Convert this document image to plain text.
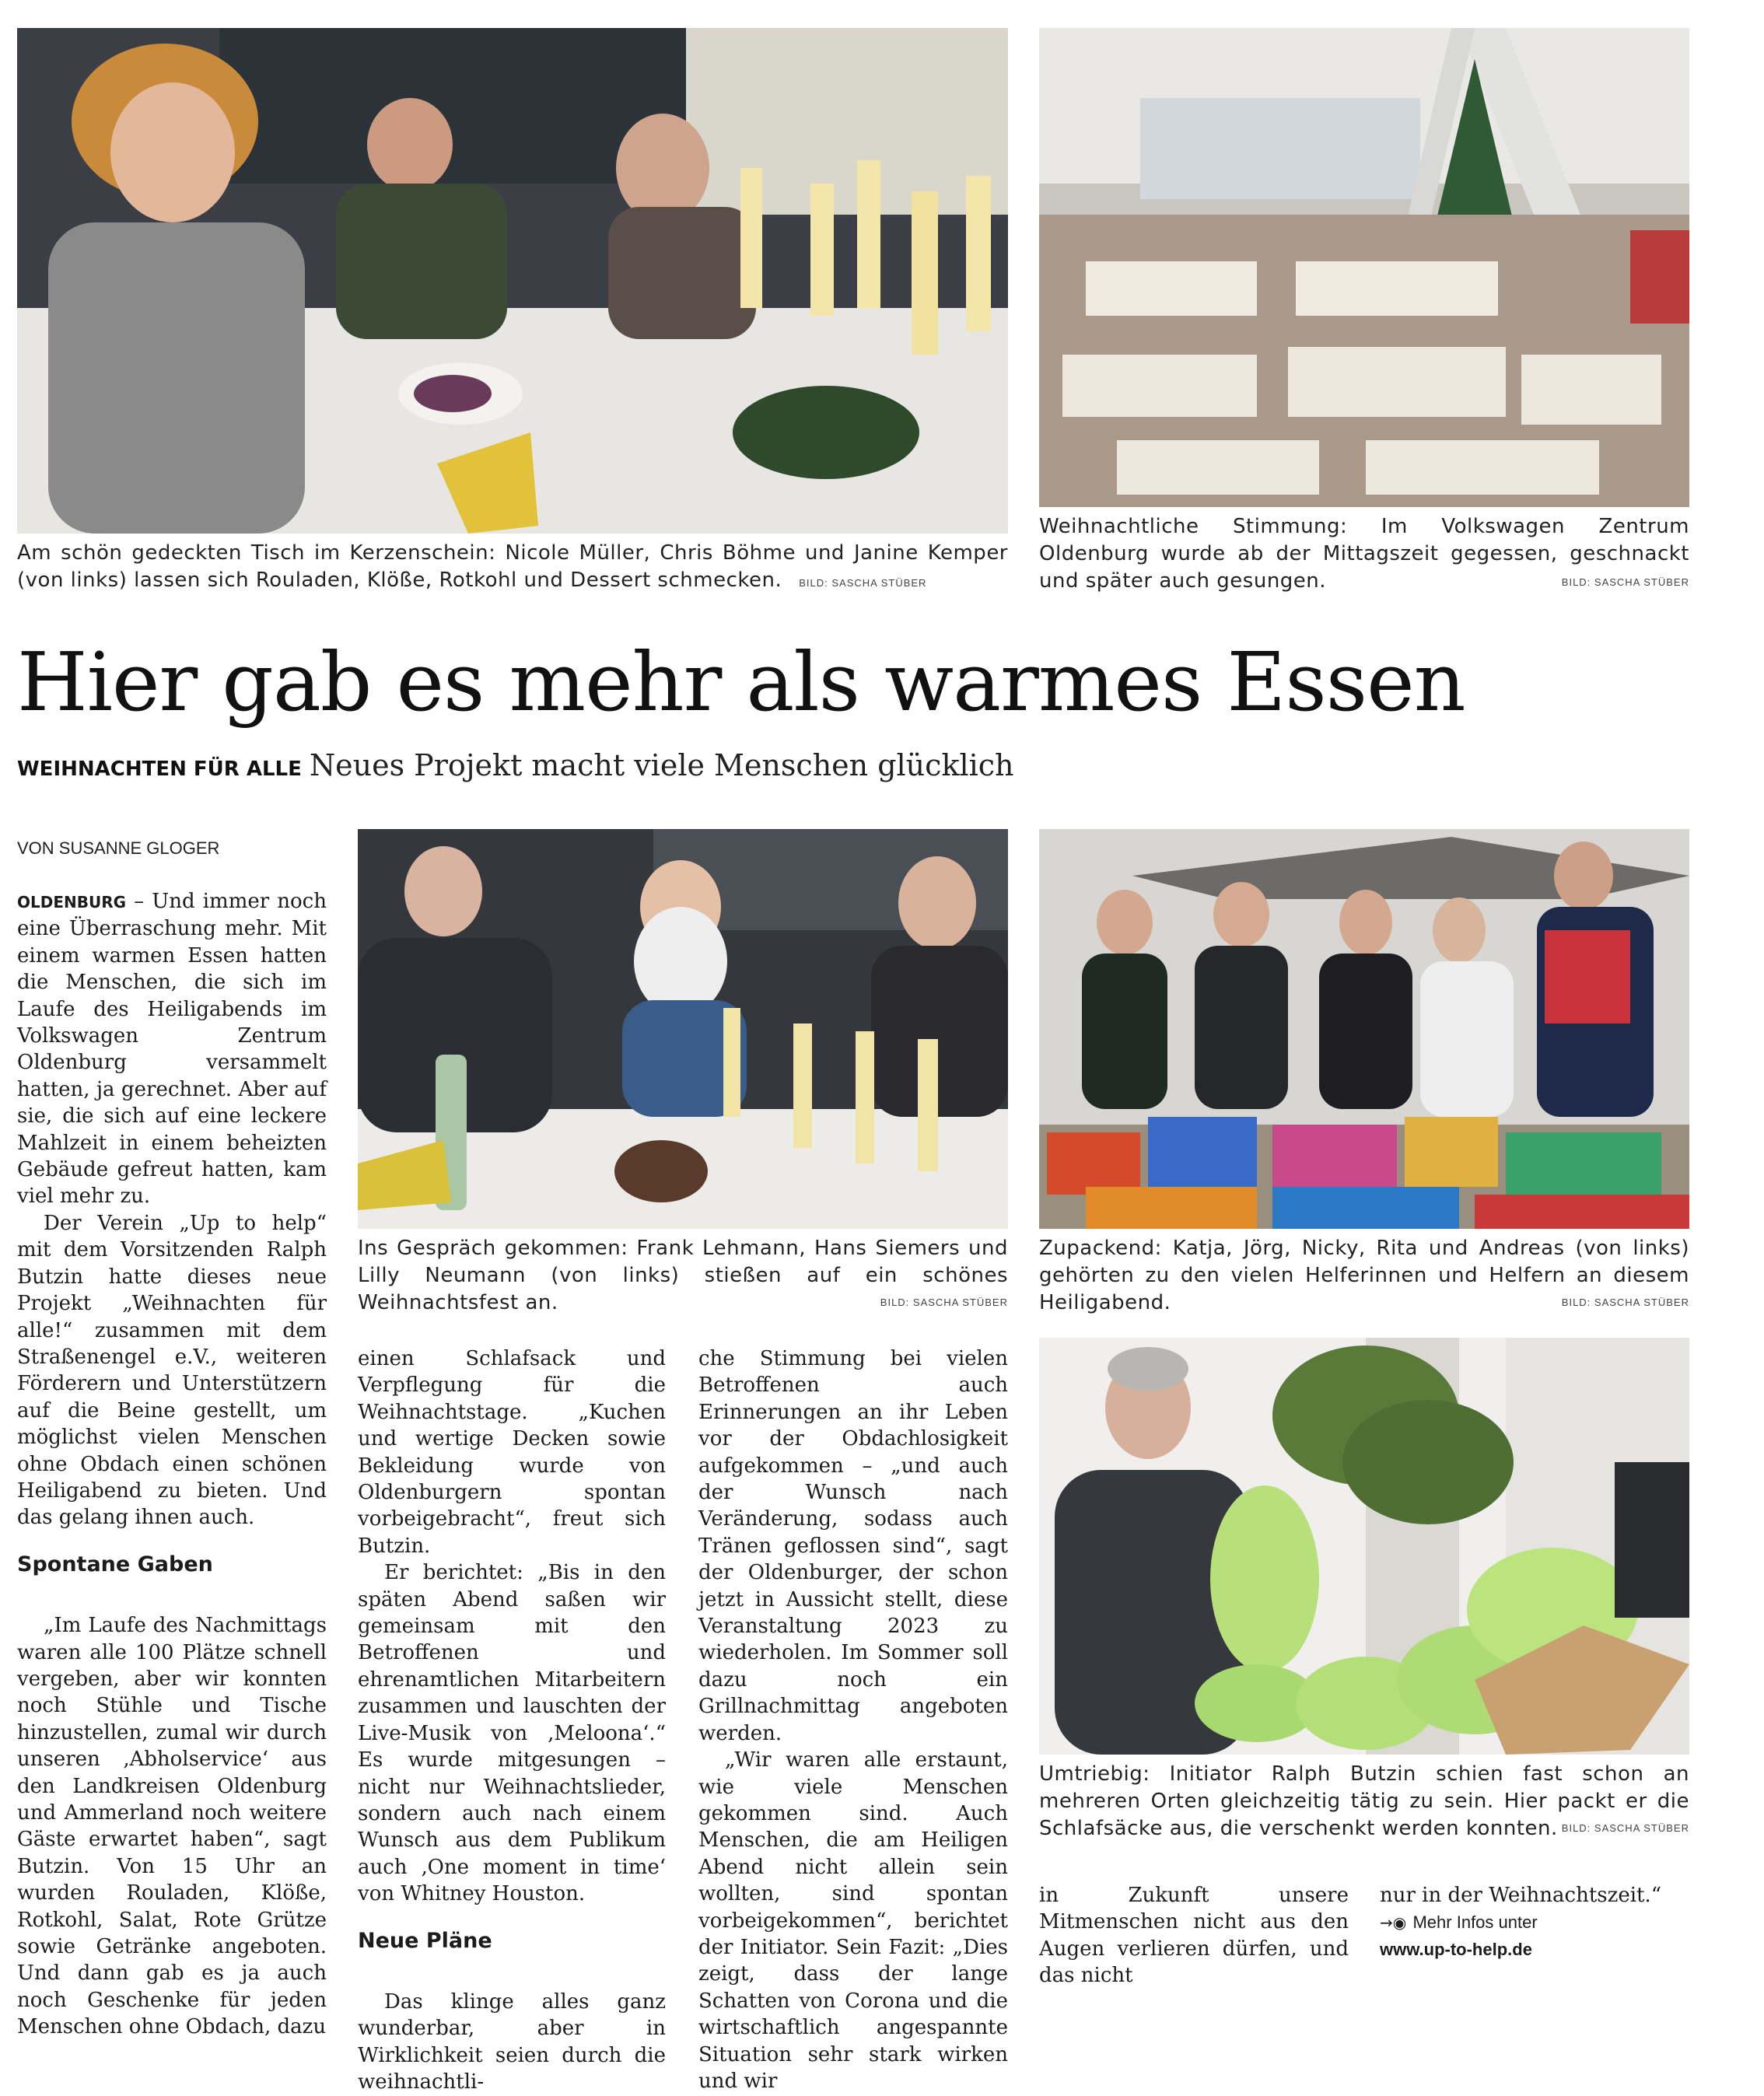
Am schön gedeckten Tisch im Kerzenschein: Nicole Müller, Chris Böhme und Janine Kemper (von links) lassen sich Rouladen, Klöße, Rotkohl und Dessert schmecken. BILD: SASCHA STÜBER
Weihnachtliche Stimmung: Im Volkswagen Zentrum Oldenburg wurde ab der Mittagszeit gegessen, geschnackt und später auch gesungen.	BILD: SASCHA STÜBER
Hier gab es mehr als warmes Essen
WEIHNACHTEN FÜR ALLE Neues Projekt macht viele Menschen glücklich
VON SUSANNE GLOGER
Ins Gespräch gekommen: Frank Lehmann, Hans Siemers und Lilly Neumann (von links) stießen auf ein schönes Weihnachtsfest an.	BILD: SASCHA STÜBER
Zupackend: Katja, Jörg, Nicky, Rita und Andreas (von links) gehörten zu den vielen Helferinnen und Helfern an diesem Heiligabend.	BILD: SASCHA STÜBER
Umtriebig: Initiator Ralph Butzin schien fast schon an mehreren Orten gleichzeitig tätig zu sein. Hier packt er die Schlafsäcke aus, die verschenkt werden konnten. BILD: SASCHA STÜBER

OLDENBURG – Und immer noch eine Überraschung mehr. Mit einem warmen Essen hatten die Menschen, die sich im Laufe des Heiligabends im Volkswagen Zentrum Oldenburg versammelt hatten, ja gerechnet. Aber auf sie, die sich auf eine leckere Mahlzeit in einem beheizten Gebäude gefreut hatten, kam viel mehr zu.

Der Verein „Up to help“ mit dem Vorsitzenden Ralph Butzin hatte dieses neue Projekt „Weihnachten für alle!“ zusammen mit dem Straßenengel e.V., weiteren Förderern und Unterstützern auf die Beine gestellt, um möglichst vielen Menschen ohne Obdach einen schönen Heiligabend zu bieten. Und das gelang ihnen auch.

Spontane Gaben

„Im Laufe des Nachmittags waren alle 100 Plätze schnell vergeben, aber wir konnten noch Stühle und Tische hinzustellen, zumal wir durch unseren ‚Abholservice‘ aus den Landkreisen Oldenburg und Ammerland noch weitere Gäste erwartet haben“, sagt Butzin. Von 15 Uhr an wurden Rouladen, Klöße, Rotkohl, Salat, Rote Grütze sowie Getränke angeboten. Und dann gab es ja auch noch Geschenke für jeden Menschen ohne Obdach, dazu

einen Schlafsack und Verpflegung für die Weihnachtstage. „Kuchen und wertige Decken sowie Bekleidung wurde von Oldenburgern spontan vorbeigebracht“, freut sich Butzin.

Er berichtet: „Bis in den späten Abend saßen wir gemeinsam mit den Betroffenen und ehrenamtlichen Mitarbeitern zusammen und lauschten der Live-Musik von ‚Meloona‘.“ Es wurde mitgesungen – nicht nur Weihnachtslieder, sondern auch nach einem Wunsch aus dem Publikum auch ‚One moment in time‘ von Whitney Houston.

Neue Pläne

Das klinge alles ganz wunderbar, aber in Wirklichkeit seien durch die weihnachtli-

che Stimmung bei vielen Betroffenen auch Erinnerungen an ihr Leben vor der Obdachlosigkeit aufgekommen – „und auch der Wunsch nach Veränderung, sodass auch Tränen geflossen sind“, sagt der Oldenburger, der schon jetzt in Aussicht stellt, diese Veranstaltung 2023 zu wiederholen. Im Sommer soll dazu noch ein Grillnachmittag angeboten werden.

„Wir waren alle erstaunt, wie viele Menschen gekommen sind. Auch Menschen, die am Heiligen Abend nicht allein sein wollten, sind spontan vorbeigekommen“, berichtet der Initiator. Sein Fazit: „Dies zeigt, dass der lange Schatten von Corona und die wirtschaftlich angespannte Situation sehr stark wirken und wir

in Zukunft unsere Mitmenschen nicht aus den Augen verlieren dürfen, und das nicht

nur in der Weihnachtszeit.“

→◉ Mehr Infos unter
www.up-to-help.de
